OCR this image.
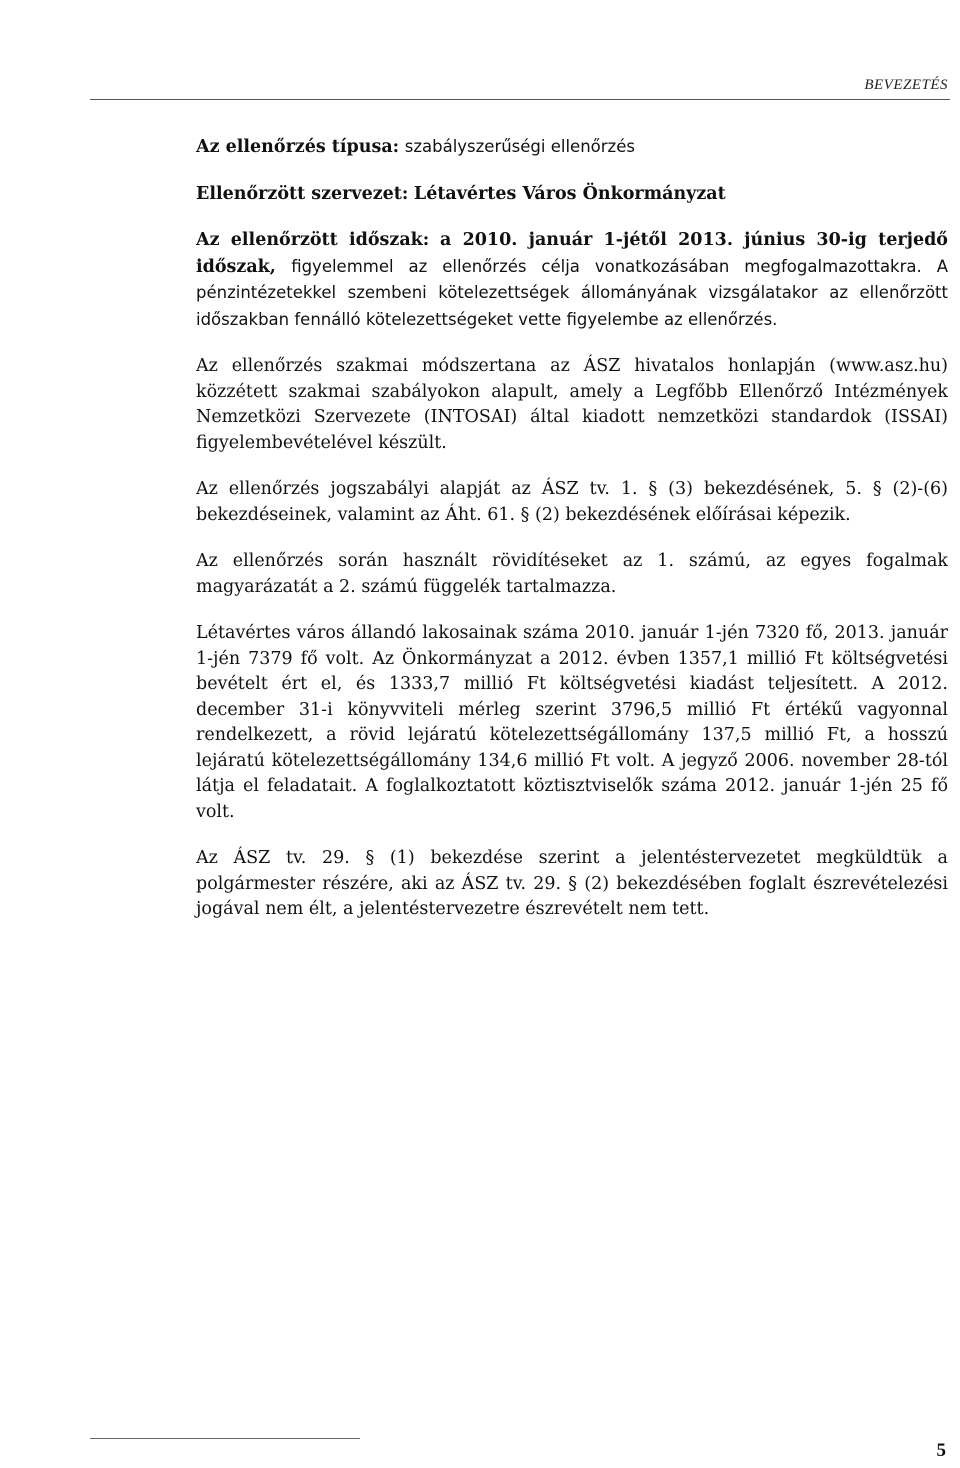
BEVEZETÉS

Az ellenőrzés típusa: szabályszerűségi ellenőrzés

Ellenőrzött szervezet: Létavértes Város Önkormányzat

Az ellenőrzött időszak: a 2010. január 1-jétől 2013. június 30-ig terjedő időszak, figyelemmel az ellenőrzés célja vonatkozásában megfogalmazottakra. A pénzintézetekkel szembeni kötelezettségek állományának vizsgálatakor az ellenőrzött időszakban fennálló kötelezettségeket vette figyelembe az ellenőrzés.

Az ellenőrzés szakmai módszertana az ÁSZ hivatalos honlapján (www.asz.hu) közzétett szakmai szabályokon alapult, amely a Legfőbb Ellenőrző Intézmények Nemzetközi Szervezete (INTOSAI) által kiadott nemzetközi standardok (ISSAI) figyelembevételével készült.

Az ellenőrzés jogszabályi alapját az ÁSZ tv. 1. § (3) bekezdésének, 5. § (2)-(6) bekezdéseinek, valamint az Áht. 61. § (2) bekezdésének előírásai képezik.

Az ellenőrzés során használt rövidítéseket az 1. számú, az egyes fogalmak magyarázatát a 2. számú függelék tartalmazza.

Létavértes város állandó lakosainak száma 2010. január 1-jén 7320 fő, 2013. január 1-jén 7379 fő volt. Az Önkormányzat a 2012. évben 1357,1 millió Ft költségvetési bevételt ért el, és 1333,7 millió Ft költségvetési kiadást teljesített. A 2012. december 31-i könyvviteli mérleg szerint 3796,5 millió Ft értékű vagyonnal rendelkezett, a rövid lejáratú kötelezettségállomány 137,5 millió Ft, a hosszú lejáratú kötelezettségállomány 134,6 millió Ft volt. A jegyző 2006. november 28-tól látja el feladatait. A foglalkoztatott köztisztviselők száma 2012. január 1-jén 25 fő volt.

Az ÁSZ tv. 29. § (1) bekezdése szerint a jelentéstervezetet megküldtük a polgármester részére, aki az ÁSZ tv. 29. § (2) bekezdésében foglalt észrevételezési jogával nem élt, a jelentéstervezetre észrevételt nem tett.

5
